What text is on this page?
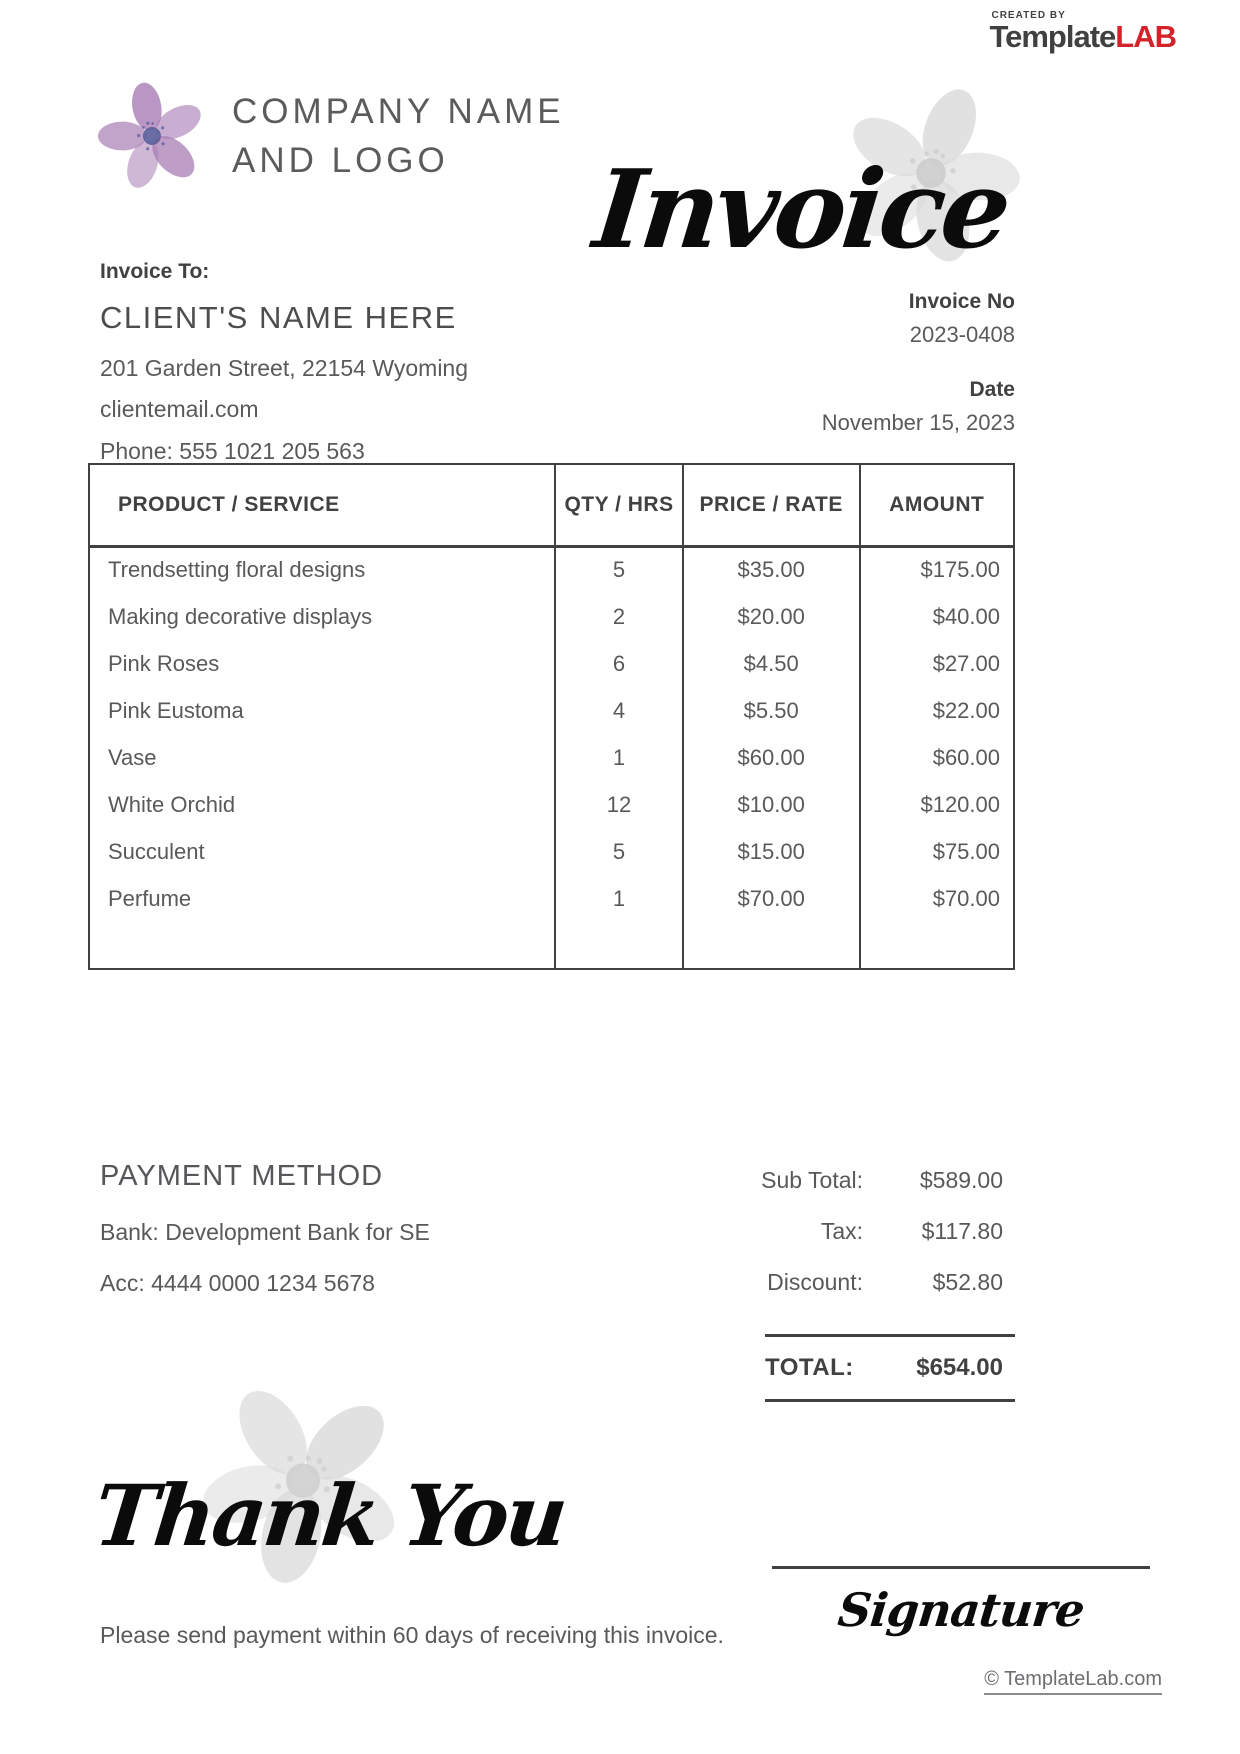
CREATED BY
TemplateLAB
COMPANY NAME
AND LOGO	Invoice
Invoice To:
CLIENT'S NAME HERE
201 Garden Street, 22154 Wyoming
clientemail.com
Phone: 555 1021 205 563
Invoice No
2023-0408
Date
November 15, 2023
PRODUCT / SERVICE	QTY / HRS	PRICE / RATE	AMOUNT
Trendsetting floral designs	5	$35.00	$175.00
Making decorative displays	2	$20.00	$40.00
Pink Roses	6	$4.50	$27.00
Pink Eustoma	4	$5.50	$22.00
Vase	1	$60.00	$60.00
White Orchid	12	$10.00	$120.00
Succulent	5	$15.00	$75.00
Perfume	1	$70.00	$70.00

PAYMENT METHOD
Bank: Development Bank for SE
Acc: 4444 0000 1234 5678
Sub Total:	$589.00
Tax:	$117.80
Discount:	$52.80
TOTAL:	$654.00
Thank You
Signature
Please send payment within 60 days of receiving this invoice.
© TemplateLab.com
